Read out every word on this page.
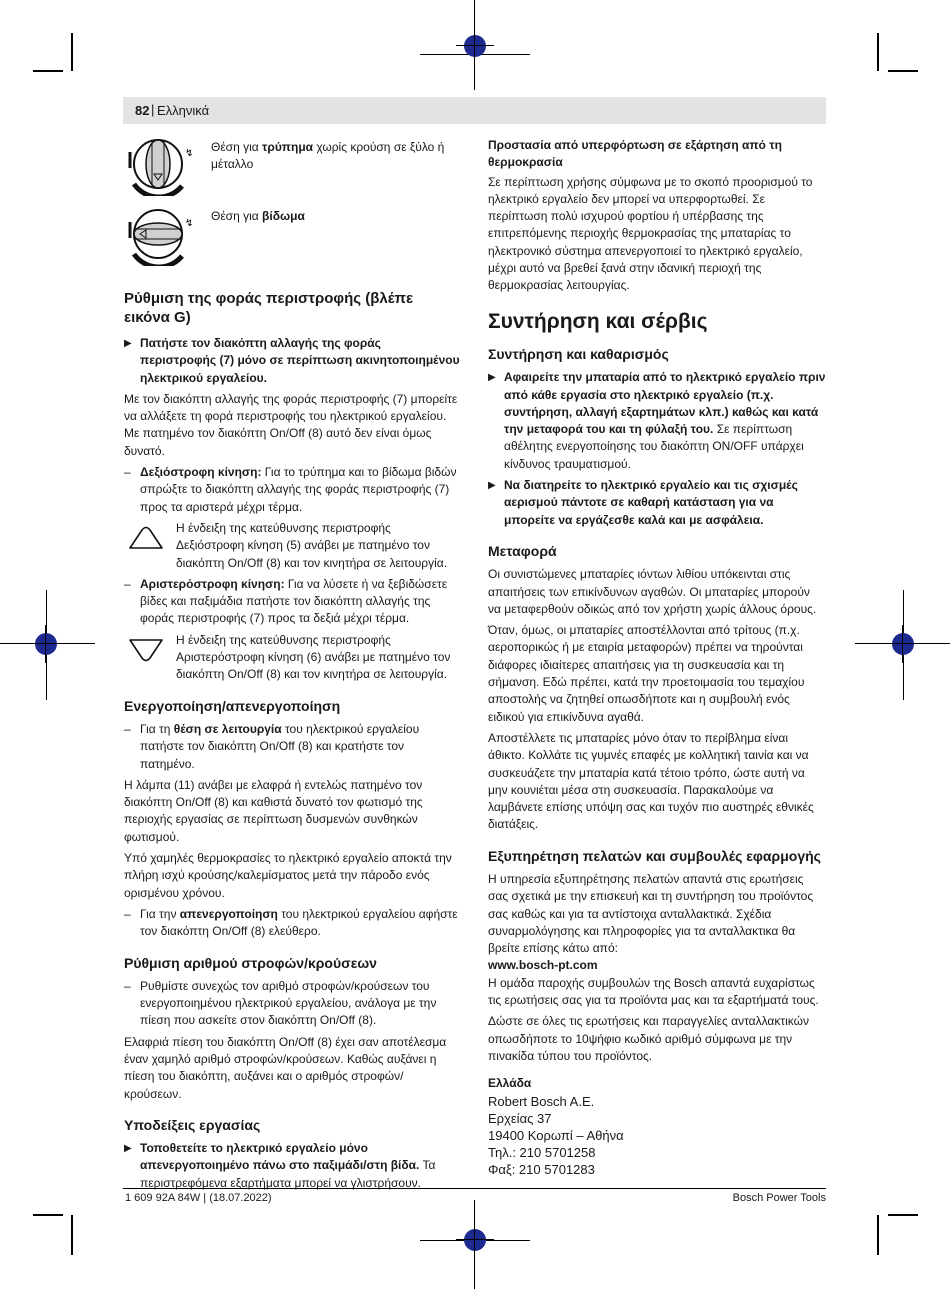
82 | Ελληνικά
↯
↯

Θέση για τρύπημα χωρίς κρούση σε ξύλο ή μέταλλο

Θέση για βίδωμα

Ρύθμιση της φοράς περιστροφής (βλέπε εικόνα G)
▶ Πατήστε τον διακόπτη αλλαγής της φοράς περιστροφής (7) μόνο σε περίπτωση ακινητοποιημένου ηλεκτρικού εργαλείου.

Με τον διακόπτη αλλαγής της φοράς περιστροφής (7) μπορείτε να αλλάξετε τη φορά περιστροφής του ηλεκτρικού εργαλείου. Με πατημένο τον διακόπτη On/Off (8) αυτό δεν είναι όμως δυνατό.

– Δεξιόστροφη κίνηση: Για το τρύπημα και το βίδωμα βιδών σπρώξτε το διακόπτη αλλαγής της φοράς περιστροφής (7) προς τα αριστερά μέχρι τέρμα.
Η ένδειξη της κατεύθυνσης περιστροφής Δεξιόστροφη κίνηση (5) ανάβει με πατημένο τον διακόπτη On/Off (8) και τον κινητήρα σε λειτουργία.
– Αριστερόστροφη κίνηση: Για να λύσετε ή να ξεβιδώσετε βίδες και παξιμάδια πατήστε τον διακόπτη αλλαγής της φοράς περιστροφής (7) προς τα δεξιά μέχρι τέρμα.
Η ένδειξη της κατεύθυνσης περιστροφής Αριστερόστροφη κίνηση (6) ανάβει με πατημένο τον διακόπτη On/Off (8) και τον κινητήρα σε λειτουργία.
Ενεργοποίηση/απενεργοποίηση
– Για τη θέση σε λειτουργία του ηλεκτρικού εργαλείου πατήστε τον διακόπτη On/Off (8) και κρατήστε τον πατημένο.

Η λάμπα (11) ανάβει με ελαφρά ή εντελώς πατημένο τον διακόπτη On/Off (8) και καθιστά δυνατό τον φωτισμό της περιοχής εργασίας σε περίπτωση δυσμενών συνθηκών φωτισμού.

Υπό χαμηλές θερμοκρασίες το ηλεκτρικό εργαλείο αποκτά την πλήρη ισχύ κρούσης/καλεμίσματος μετά την πάροδο ενός ορισμένου χρόνου.

– Για την απενεργοποίηση του ηλεκτρικού εργαλείου αφήστε τον διακόπτη On/Off (8) ελεύθερο.
Ρύθμιση αριθμού στροφών/κρούσεων
– Ρυθμίστε συνεχώς τον αριθμό στροφών/κρούσεων του ενεργοποιημένου ηλεκτρικού εργαλείου, ανάλογα με την πίεση που ασκείτε στον διακόπτη On/Off (8).

Ελαφριά πίεση του διακόπτη On/Off (8) έχει σαν αποτέλεσμα έναν χαμηλό αριθμό στροφών/κρούσεων. Καθώς αυξάνει η πίεση του διακόπτη, αυξάνει και ο αριθμός στροφών/κρούσεων.

Υποδείξεις εργασίας
▶ Τοποθετείτε το ηλεκτρικό εργαλείο μόνο απενεργοποιημένο πάνω στο παξιμάδι/στη βίδα. Τα περιστρεφόμενα εξαρτήματα μπορεί να γλιστρήσουν.
Προστασία από υπερφόρτωση σε εξάρτηση από τη θερμοκρασία

Σε περίπτωση χρήσης σύμφωνα με το σκοπό προορισμού το ηλεκτρικό εργαλείο δεν μπορεί να υπερφορτωθεί. Σε περίπτωση πολύ ισχυρού φορτίου ή υπέρβασης της επιτρεπόμενης περιοχής θερμοκρασίας της μπαταρίας το ηλεκτρονικό σύστημα απενεργοποιεί το ηλεκτρικό εργαλείο, μέχρι αυτό να βρεθεί ξανά στην ιδανική περιοχή της θερμοκρασίας λειτουργίας.

Συντήρηση και σέρβις
Συντήρηση και καθαρισμός
▶ Αφαιρείτε την μπαταρία από το ηλεκτρικό εργαλείο πριν από κάθε εργασία στο ηλεκτρικό εργαλείο (π.χ. συντήρηση, αλλαγή εξαρτημάτων κλπ.) καθώς και κατά την μεταφορά του και τη φύλαξή του. Σε περίπτωση αθέλητης ενεργοποίησης του διακόπτη ON/OFF υπάρχει κίνδυνος τραυματισμού.
▶ Να διατηρείτε το ηλεκτρικό εργαλείο και τις σχισμές αερισμού πάντοτε σε καθαρή κατάσταση για να μπορείτε να εργάζεσθε καλά και με ασφάλεια.
Μεταφορά

Οι συνιστώμενες μπαταρίες ιόντων λιθίου υπόκεινται στις απαιτήσεις των επικίνδυνων αγαθών. Οι μπαταρίες μπορούν να μεταφερθούν οδικώς από τον χρήστη χωρίς άλλους όρους.

Όταν, όμως, οι μπαταρίες αποστέλλονται από τρίτους (π.χ. αεροπορικώς ή με εταιρία μεταφορών) πρέπει να τηρούνται διάφορες ιδιαίτερες απαιτήσεις για τη συσκευασία και τη σήμανση. Εδώ πρέπει, κατά την προετοιμασία του τεμαχίου αποστολής να ζητηθεί οπωσδήποτε και η συμβουλή ενός ειδικού για επικίνδυνα αγαθά.

Αποστέλλετε τις μπαταρίες μόνο όταν το περίβλημα είναι άθικτο. Κολλάτε τις γυμνές επαφές με κολλητική ταινία και να συσκευάζετε την μπαταρία κατά τέτοιο τρόπο, ώστε αυτή να μην κουνιέται μέσα στη συσκευασία. Παρακαλούμε να λαμβάνετε επίσης υπόψη σας και τυχόν πιο αυστηρές εθνικές διατάξεις.

Εξυπηρέτηση πελατών και συμβουλές εφαρμογής

Η υπηρεσία εξυπηρέτησης πελατών απαντά στις ερωτήσεις σας σχετικά με την επισκευή και τη συντήρηση του προϊόντος σας καθώς και για τα αντίστοιχα ανταλλακτικά. Σχέδια συναρμολόγησης και πληροφορίες για τα ανταλλακτικα θα βρείτε επίσης κάτω από:

www.bosch-pt.com

Η ομάδα παροχής συμβουλών της Bosch απαντά ευχαρίστως τις ερωτήσεις σας για τα προϊόντα μας και τα εξαρτήματά τους.

Δώστε σε όλες τις ερωτήσεις και παραγγελίες ανταλλακτικών οπωσδήποτε το 10ψήφιο κωδικό αριθμό σύμφωνα με την πινακίδα τύπου του προϊόντος.

Ελλάδα
Robert Bosch A.E.
Ερχείας 37
19400 Κορωπί – Αθήνα
Τηλ.: 210 5701258
Φαξ: 210 5701283
1 609 92A 84W | (18.07.2022)	Bosch Power Tools
